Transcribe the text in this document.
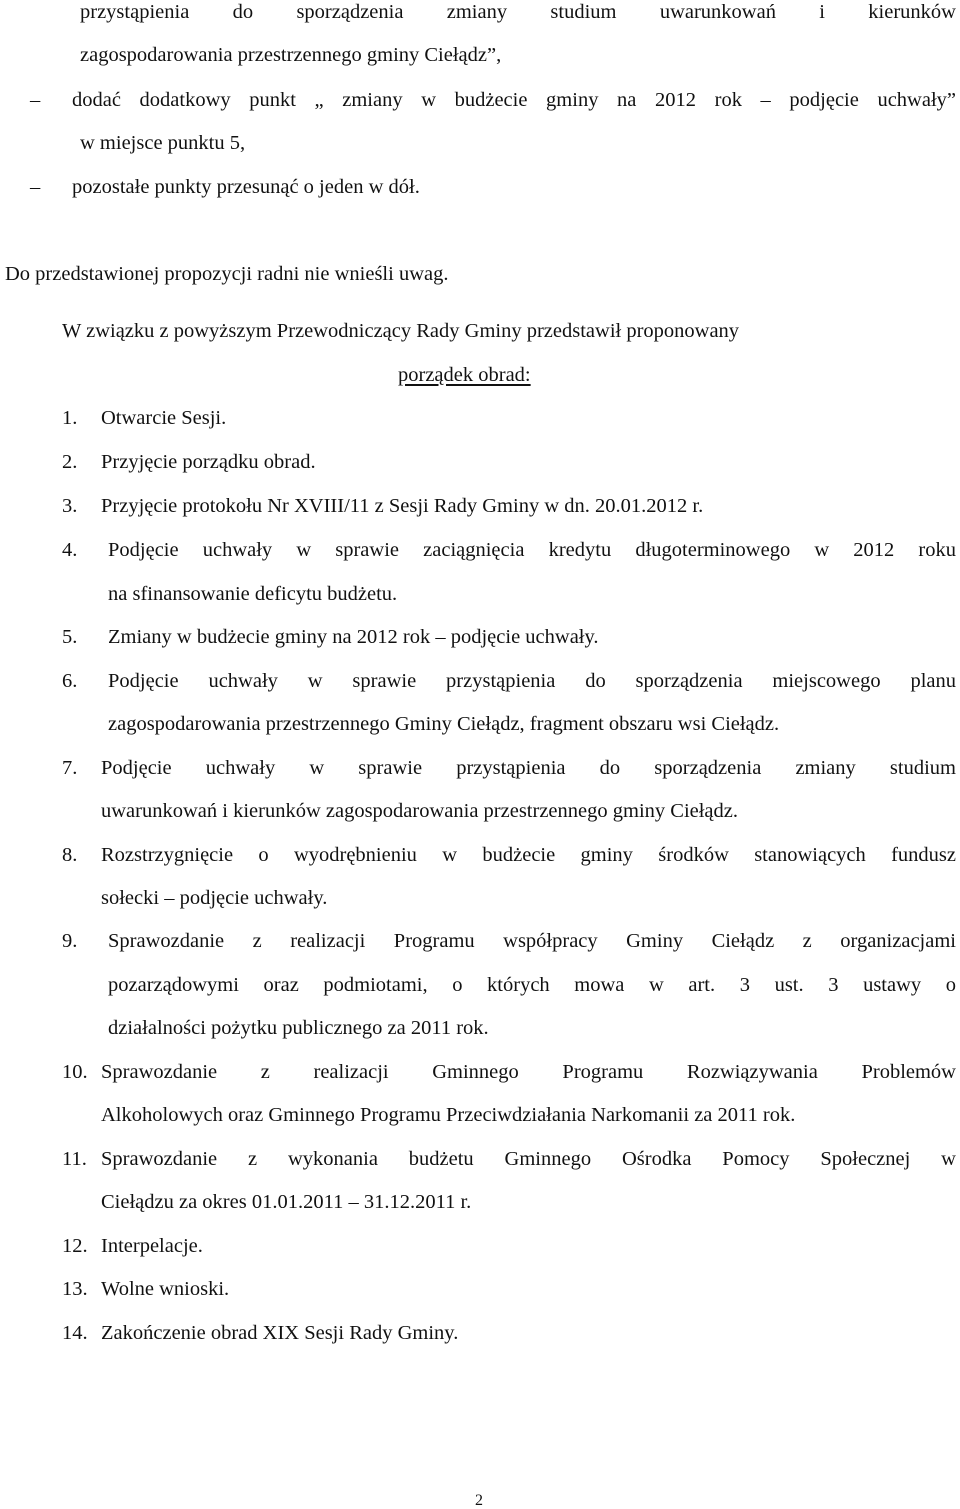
przystąpienia do sporządzenia zmiany studium uwarunkowań i kierunków
zagospodarowania przestrzennego gminy Ciełądz”,
– dodać dodatkowy punkt „ zmiany w budżecie gminy na 2012 rok – podjęcie uchwały”
w miejsce punktu 5,
– pozostałe punkty przesunąć o jeden w dół.
Do przedstawionej propozycji radni nie wnieśli uwag.
W związku z powyższym Przewodniczący Rady Gminy przedstawił proponowany
porządek obrad:
1. Otwarcie Sesji.
2. Przyjęcie porządku obrad.
3. Przyjęcie protokołu Nr XVIII/11 z Sesji Rady Gminy w dn. 20.01.2012 r.
4. Podjęcie uchwały w sprawie zaciągnięcia kredytu długoterminowego w 2012 roku
na sfinansowanie deficytu budżetu.
5. Zmiany w budżecie gminy na 2012 rok – podjęcie uchwały.
6. Podjęcie uchwały w sprawie przystąpienia do sporządzenia miejscowego planu
zagospodarowania przestrzennego Gminy Ciełądz, fragment obszaru wsi Ciełądz.
7. Podjęcie uchwały w sprawie przystąpienia do sporządzenia zmiany studium
uwarunkowań i kierunków zagospodarowania przestrzennego gminy Ciełądz.
8. Rozstrzygnięcie o wyodrębnieniu w budżecie gminy środków stanowiących fundusz
sołecki – podjęcie uchwały.
9. Sprawozdanie z realizacji Programu współpracy Gminy Ciełądz z organizacjami
pozarządowymi oraz podmiotami, o których mowa w art. 3 ust. 3 ustawy o
działalności pożytku publicznego za 2011 rok.
10. Sprawozdanie z realizacji Gminnego Programu Rozwiązywania Problemów
Alkoholowych oraz Gminnego Programu Przeciwdziałania Narkomanii za 2011 rok.
11. Sprawozdanie z wykonania budżetu Gminnego Ośrodka Pomocy Społecznej w
Ciełądzu za okres 01.01.2011 – 31.12.2011 r.
12. Interpelacje.
13. Wolne wnioski.
14. Zakończenie obrad XIX Sesji Rady Gminy.
2
